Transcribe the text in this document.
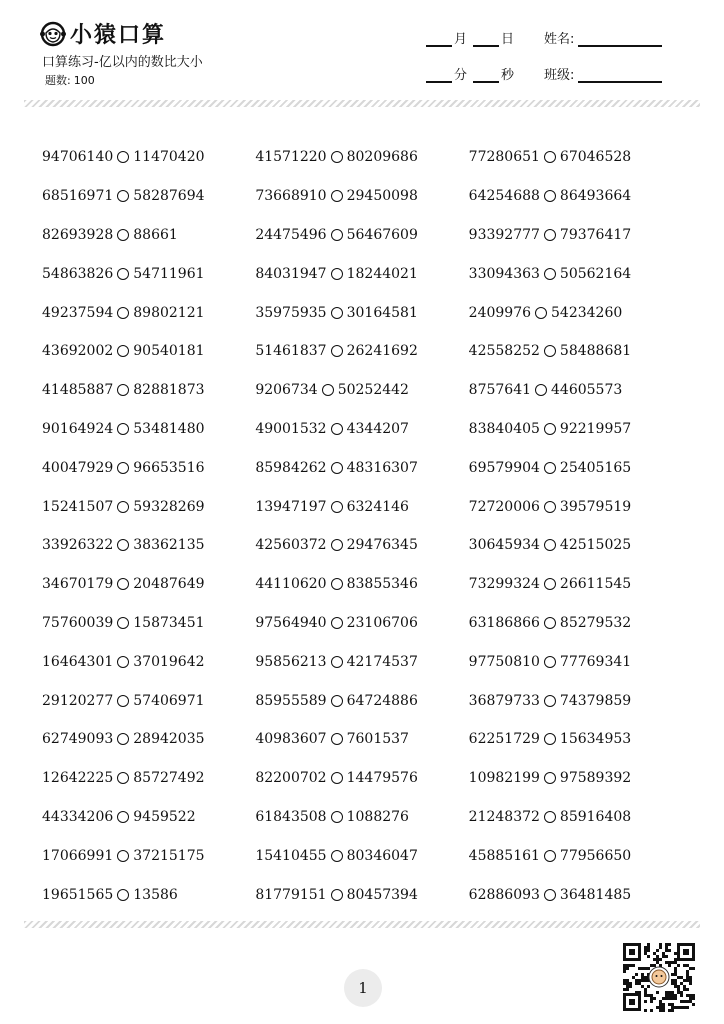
小猿口算
口算练习-亿以内的数比大小
题数: 100
月	日 姓名:
分	秒 班级:
94706140 11470420	41571220 80209686	77280651 67046528
68516971 58287694	73668910 29450098	64254688 86493664
82693928 88661	24475496 56467609	93392777 79376417
54863826 54711961	84031947 18244021	33094363 50562164
49237594 89802121	35975935 30164581	2409976 54234260
43692002 90540181	51461837 26241692	42558252 58488681
41485887 82881873	9206734 50252442	8757641 44605573
90164924 53481480	49001532 4344207	83840405 92219957
40047929 96653516	85984262 48316307	69579904 25405165
15241507 59328269	13947197 6324146	72720006 39579519
33926322 38362135	42560372 29476345	30645934 42515025
34670179 20487649	44110620 83855346	73299324 26611545
75760039 15873451	97564940 23106706	63186866 85279532
16464301 37019642	95856213 42174537	97750810 77769341
29120277 57406971	85955589 64724886	36879733 74379859
62749093 28942035	40983607 7601537	62251729 15634953
12642225 85727492	82200702 14479576	10982199 97589392
44334206 9459522	61843508 1088276	21248372 85916408
17066991 37215175	15410455 80346047	45885161 77956650
19651565 13586	81779151 80457394	62886093 36481485
1
